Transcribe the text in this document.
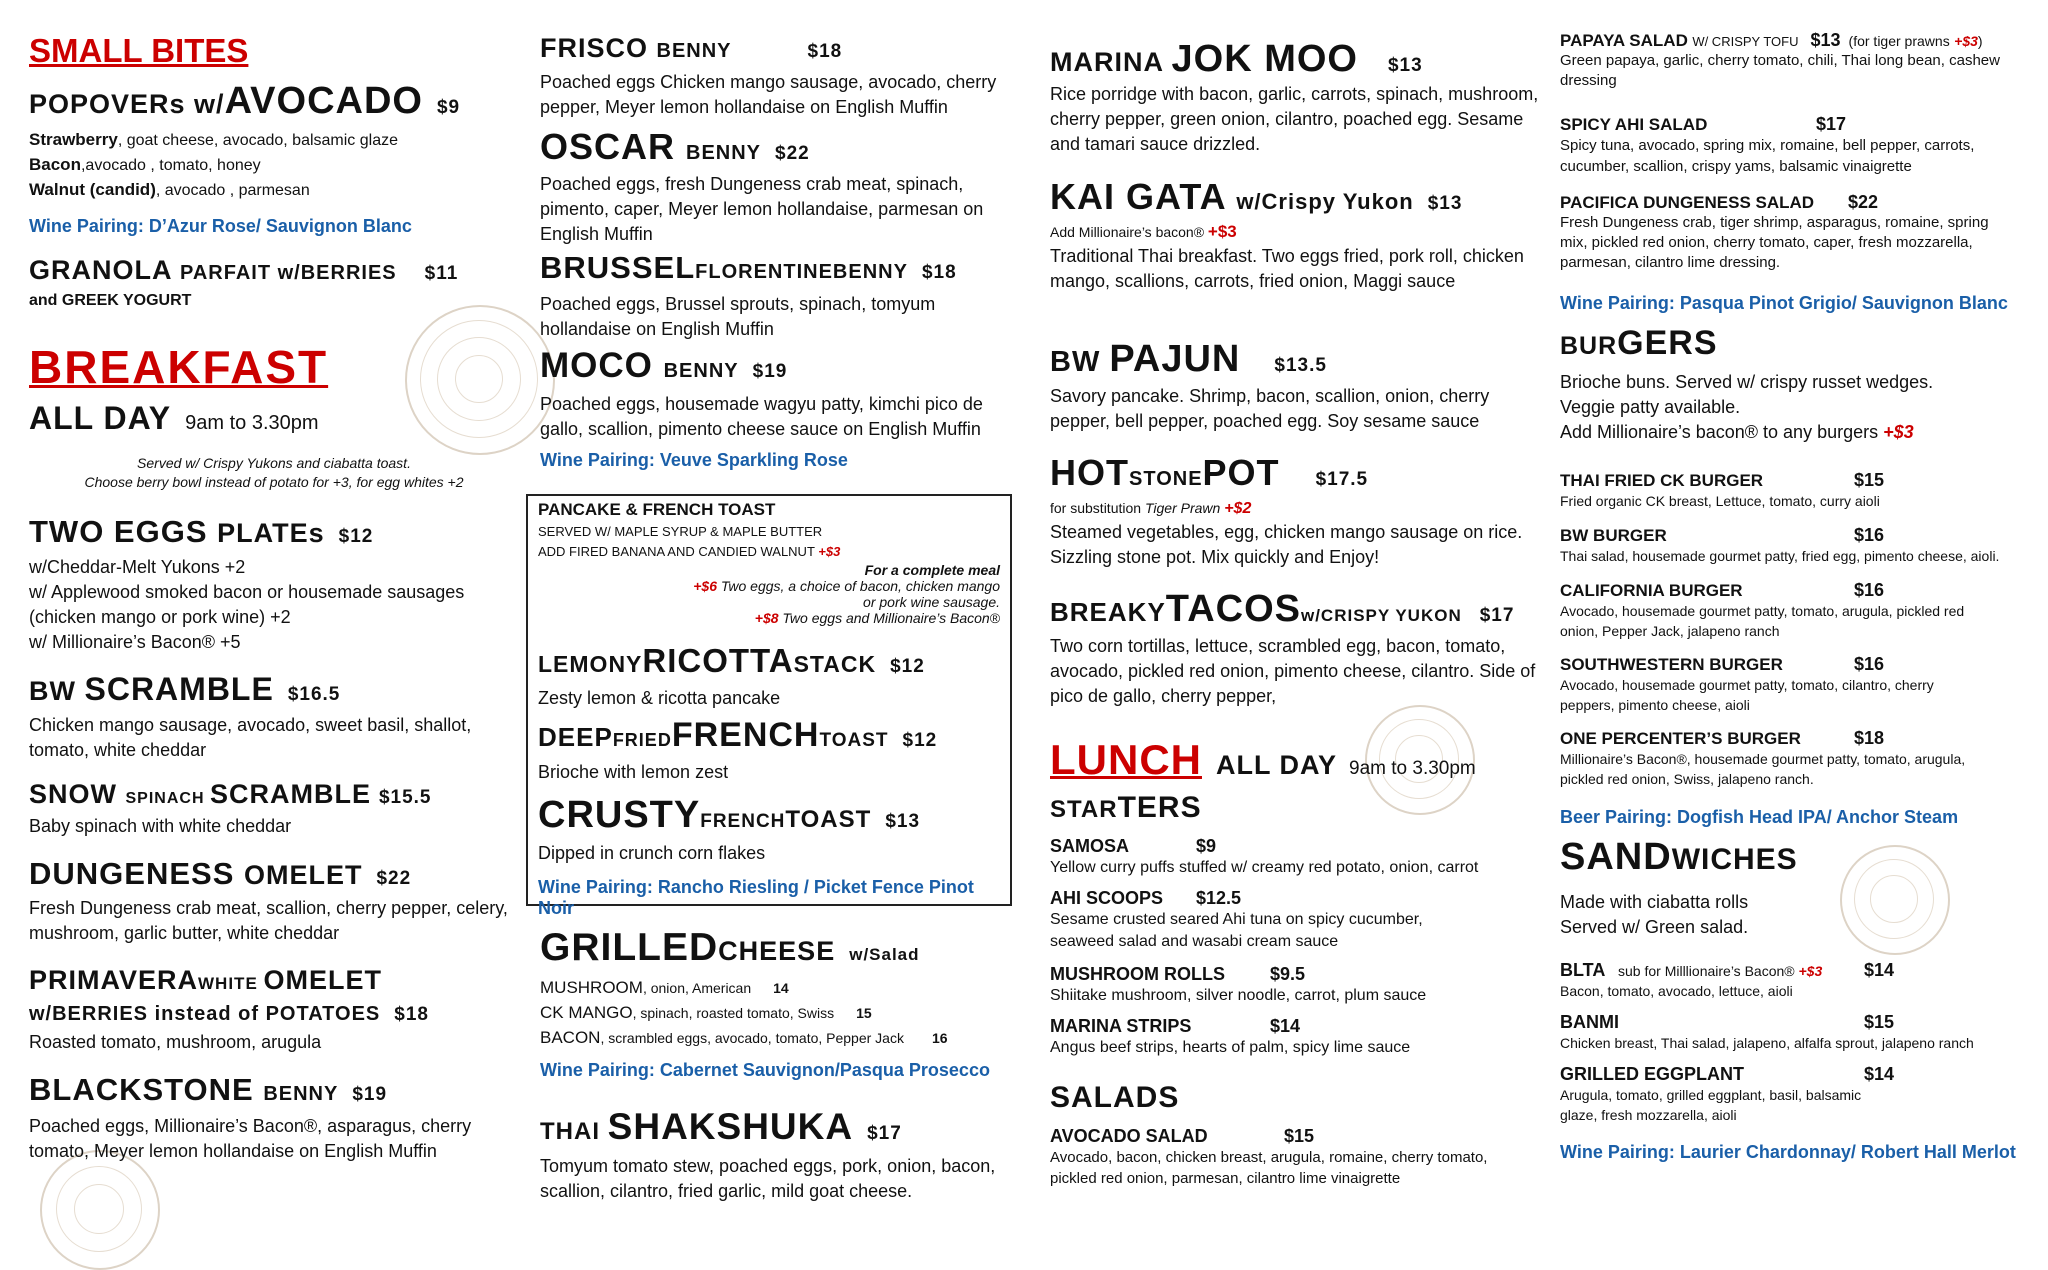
SMALL BITES
POPOVERs w/AVOCADO $9
Strawberry, goat cheese, avocado, balsamic glaze
Bacon,avocado , tomato, honey
Walnut (candid), avocado , parmesan
Wine Pairing: D’Azur Rose/ Sauvignon Blanc
GRANOLA PARFAIT w/BERRIES $11
and GREEK YOGURT
BREAKFAST
ALL DAY 9am to 3.30pm
Served w/ Crispy Yukons and ciabatta toast.
Choose berry bowl instead of potato for +3, for egg whites +2
TWO EGGS PLATEs $12
w/Cheddar-Melt Yukons +2
w/ Applewood smoked bacon or housemade sausages
(chicken mango or pork wine) +2
w/ Millionaire’s Bacon® +5
BW SCRAMBLE $16.5
Chicken mango sausage, avocado, sweet basil, shallot, tomato, white cheddar
SNOW SPINACH SCRAMBLE $15.5
Baby spinach with white cheddar
DUNGENESS OMELET $22
Fresh Dungeness crab meat, scallion, cherry pepper, celery, mushroom, garlic butter, white cheddar
PRIMAVERAWHITE OMELET
w/BERRIES instead of POTATOES $18
Roasted tomato, mushroom, arugula
BLACKSTONE BENNY $19
Poached eggs, Millionaire’s Bacon®, asparagus, cherry tomato, Meyer lemon hollandaise on English Muffin
FRISCO BENNY	$18
Poached eggs Chicken mango sausage, avocado, cherry pepper, Meyer lemon hollandaise on English Muffin
OSCAR BENNY $22
Poached eggs, fresh Dungeness crab meat, spinach, pimento, caper, Meyer lemon hollandaise, parmesan on English Muffin
BRUSSELFLORENTINEBENNY $18
Poached eggs, Brussel sprouts, spinach, tomyum hollandaise on English Muffin
MOCO BENNY $19
Poached eggs, housemade wagyu patty, kimchi pico de gallo, scallion, pimento cheese sauce on English Muffin
Wine Pairing: Veuve Sparkling Rose
PANCAKE & FRENCH TOAST
SERVED W/ MAPLE SYRUP & MAPLE BUTTER
ADD FIRED BANANA AND CANDIED WALNUT +$3
For a complete meal
+$6 Two eggs, a choice of bacon, chicken mango
or pork wine sausage.
+$8 Two eggs and Millionaire’s Bacon®
LEMONYRICOTTASTACK $12
Zesty lemon & ricotta pancake
DEEPFRIEDFRENCHTOAST $12
Brioche with lemon zest
CRUSTYFRENCHTOAST $13
Dipped in crunch corn flakes
Wine Pairing: Rancho Riesling / Picket Fence Pinot Noir
GRILLEDCHEESE w/Salad
MUSHROOM , onion, American 14
CK MANGO , spinach, roasted tomato, Swiss 15
BACON , scrambled eggs, avocado, tomato, Pepper Jack 16
Wine Pairing: Cabernet Sauvignon/Pasqua Prosecco
THAI SHAKSHUKA $17
Tomyum tomato stew, poached eggs, pork, onion, bacon, scallion, cilantro, fried garlic, mild goat cheese.
MARINA JOK MOO $13
Rice porridge with bacon, garlic, carrots, spinach, mushroom, cherry pepper, green onion, cilantro, poached egg. Sesame and tamari sauce drizzled.
KAI GATA w/Crispy Yukon $13
Add Millionaire’s bacon® +$3
Traditional Thai breakfast. Two eggs fried, pork roll, chicken mango, scallions, carrots, fried onion, Maggi sauce
BW PAJUN $13.5
Savory pancake. Shrimp, bacon, scallion, onion, cherry pepper, bell pepper, poached egg. Soy sesame sauce
HOTSTONEPOT $17.5
for substitution Tiger Prawn +$2
Steamed vegetables, egg, chicken mango sausage on rice. Sizzling stone pot. Mix quickly and Enjoy!
BREAKYTACOSw/CRISPY YUKON $17
Two corn tortillas, lettuce, scrambled egg, bacon, tomato, avocado, pickled red onion, pimento cheese, cilantro. Side of pico de gallo, cherry pepper,
LUNCH ALL DAY 9am to 3.30pm
STARTERS
SAMOSA	$9
Yellow curry puffs stuffed w/ creamy red potato, onion, carrot
AHI SCOOPS	$12.5
Sesame crusted seared Ahi tuna on spicy cucumber, seaweed salad and wasabi cream sauce
MUSHROOM ROLLS	$9.5
Shiitake mushroom, silver noodle, carrot, plum sauce
MARINA STRIPS	$14
Angus beef strips, hearts of palm, spicy lime sauce
SALADS
AVOCADO SALAD	$15
Avocado, bacon, chicken breast, arugula, romaine, cherry tomato, pickled red onion, parmesan, cilantro lime vinaigrette
PAPAYA SALAD W/ CRISPY TOFU $13 (for tiger prawns +$3)
Green papaya, garlic, cherry tomato, chili, Thai long bean, cashew dressing
SPICY AHI SALAD	$17
Spicy tuna, avocado, spring mix, romaine, bell pepper, carrots, cucumber, scallion, crispy yams, balsamic vinaigrette
PACIFICA DUNGENESS SALAD	$22
Fresh Dungeness crab, tiger shrimp, asparagus, romaine, spring mix, pickled red onion, cherry tomato, caper, fresh mozzarella, parmesan, cilantro lime dressing.
Wine Pairing: Pasqua Pinot Grigio/ Sauvignon Blanc
BURGERS
Brioche buns. Served w/ crispy russet wedges.
Veggie patty available.
Add Millionaire’s bacon® to any burgers +$3
THAI FRIED CK BURGER	$15
Fried organic CK breast, Lettuce, tomato, curry aioli
BW BURGER	$16
Thai salad, housemade gourmet patty, fried egg, pimento cheese, aioli.
CALIFORNIA BURGER	$16
Avocado, housemade gourmet patty, tomato, arugula, pickled red onion, Pepper Jack, jalapeno ranch
SOUTHWESTERN BURGER	$16
Avocado, housemade gourmet patty, tomato, cilantro, cherry peppers, pimento cheese, aioli
ONE PERCENTER’S BURGER	$18
Millionaire’s Bacon®, housemade gourmet patty, tomato, arugula, pickled red onion, Swiss, jalapeno ranch.
Beer Pairing: Dogfish Head IPA/ Anchor Steam
SANDWICHES
Made with ciabatta rolls
Served w/ Green salad.
BLTA sub for Milllionaire’s Bacon® +$3	$14
Bacon, tomato, avocado, lettuce, aioli
BANMI	$15
Chicken breast, Thai salad, jalapeno, alfalfa sprout, jalapeno ranch
GRILLED EGGPLANT	$14
Arugula, tomato, grilled eggplant, basil, balsamic glaze, fresh mozzarella, aioli
Wine Pairing: Laurier Chardonnay/ Robert Hall Merlot
